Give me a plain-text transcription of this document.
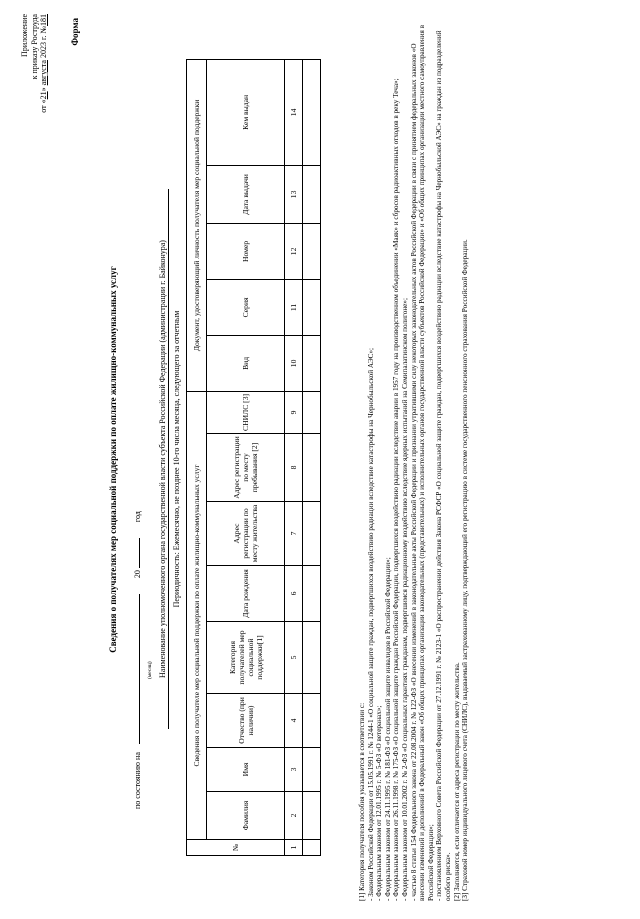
Приложение к приказу Роструда
от «21» августа 2023 г. №181 Форма
Сведения о получателях мер социальной поддержки по оплате жилищно-коммунальных услуг
по состоянию на  20  год
(месяц) Наименование уполномоченного органа государственной власти субъекта Российской Федерации (администрации г. Байконура) Периодичность: Ежемесячно, не позднее 10-го числа месяца, следующего за отчетным
№	Сведения о получателе мер социальной поддержки по оплате жилищно-коммунальных услуг								Документ, удостоверяющий личность получателя мер социальной поддержки				
	Фамилия	Имя	Отчество (при наличии)	Категория получателей мер социальной поддержки[1]	Дата рождения	Адрес регистрации по месту жительства	Адрес регистрации по месту пребывания [2]	СНИЛС [3]	Вид	Серия	Номер	Дата выдачи	Кем выдан
1	2	3	4	5	6	7	8	9	10	11	12	13	14

[1] Категория получателя пособия указывается в соответствии с: - Законом Российской Федерации от 15.05.1991 г. № 1244-1 «О социальной защите граждан, подвергшихся воздействию радиации вследствие катастрофы на Чернобыльской АЭС»; - Федеральным законом от 12.01.1995 г. № 5-ФЗ «О ветеранах»; - Федеральным законом от 24.11.1995 г. № 181-ФЗ «О социальной защите инвалидов в Российской Федерации»; - Федеральным законом от 26.11.1998 г. № 175-ФЗ «О социальной защите граждан Российской Федерации, подвергшихся воздействию радиации вследствие аварии в 1957 году на производственном объединении «Маяк» и сбросов радиоактивных отходов в реку Теча»; - Федеральным законом от 10.01.2002 г. № 2-ФЗ «О социальных гарантиях гражданам, подвергшимся радиационному воздействию вследствие ядерных испытаний на Семипалатинском полигоне»; - частью 8 статьи 154 Федерального закона от 22.08.2004 г. № 122-ФЗ «О внесении изменений в законодательные акты Российской Федерации и признании утратившими силу некоторых законодательных актов Российской Федерации в связи с принятием федеральных законов «О внесении изменений и дополнений в Федеральный закон «Об общих принципах организации законодательных (представительных) и исполнительных органов государственной власти субъектов Российской Федерации» и «Об общих принципах организации местного самоуправления в Российской Федерации»; - постановлением Верховного Совета Российской Федерации от 27.12.1991 г. № 2123-1 «О распространении действия Закона РСФСР «О социальной защите граждан, подвергшихся воздействию радиации вследствие катастрофы на Чернобыльской АЭС» на граждан из подразделений особого риска». [2] Заполняется, если отличается от адреса регистрации по месту жительства. [3] Страховой номер индивидуального лицевого счета (СНИЛС), выдаваемый застрахованному лицу, подтверждающий его регистрацию в системе государственного пенсионного страхования Российской Федерации.
